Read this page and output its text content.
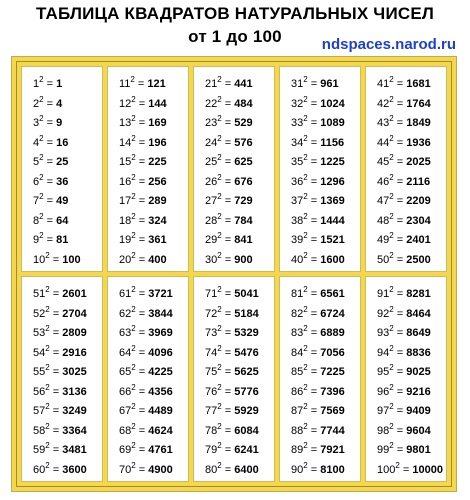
ТАБЛИЦА КВАДРАТОВ НАТУРАЛЬНЫХ ЧИСЕЛ
от 1 до 100	ndspaces.narod.ru
$1^2 = 1$
$2^2 = 4$
$3^2 = 9$
$4^2 = 16$
$5^2 = 25$
$6^2 = 36$
$7^2 = 49$
$8^2 = 64$
$9^2 = 81$
$10^2 = 100$
$11^2 = 121$
$12^2 = 144$
$13^2 = 169$
$14^2 = 196$
$15^2 = 225$
$16^2 = 256$
$17^2 = 289$
$18^2 = 324$
$19^2 = 361$
$20^2 = 400$
$21^2 = 441$
$22^2 = 484$
$23^2 = 529$
$24^2 = 576$
$25^2 = 625$
$26^2 = 676$
$27^2 = 729$
$28^2 = 784$
$29^2 = 841$
$30^2 = 900$
$31^2 = 961$
$32^2 = 1024$
$33^2 = 1089$
$34^2 = 1156$
$35^2 = 1225$
$36^2 = 1296$
$37^2 = 1369$
$38^2 = 1444$
$39^2 = 1521$
$40^2 = 1600$
$41^2 = 1681$
$42^2 = 1764$
$43^2 = 1849$
$44^2 = 1936$
$45^2 = 2025$
$46^2 = 2116$
$47^2 = 2209$
$48^2 = 2304$
$49^2 = 2401$
$50^2 = 2500$
$51^2 = 2601$
$52^2 = 2704$
$53^2 = 2809$
$54^2 = 2916$
$55^2 = 3025$
$56^2 = 3136$
$57^2 = 3249$
$58^2 = 3364$
$59^2 = 3481$
$60^2 = 3600$
$61^2 = 3721$
$62^2 = 3844$
$63^2 = 3969$
$64^2 = 4096$
$65^2 = 4225$
$66^2 = 4356$
$67^2 = 4489$
$68^2 = 4624$
$69^2 = 4761$
$70^2 = 4900$
$71^2 = 5041$
$72^2 = 5184$
$73^2 = 5329$
$74^2 = 5476$
$75^2 = 5625$
$76^2 = 5776$
$77^2 = 5929$
$78^2 = 6084$
$79^2 = 6241$
$80^2 = 6400$
$81^2 = 6561$
$82^2 = 6724$
$83^2 = 6889$
$84^2 = 7056$
$85^2 = 7225$
$86^2 = 7396$
$87^2 = 7569$
$88^2 = 7744$
$89^2 = 7921$
$90^2 = 8100$
$91^2 = 8281$
$92^2 = 8464$
$93^2 = 8649$
$94^2 = 8836$
$95^2 = 9025$
$96^2 = 9216$
$97^2 = 9409$
$98^2 = 9604$
$99^2 = 9801$
$100^2 = 10000$
